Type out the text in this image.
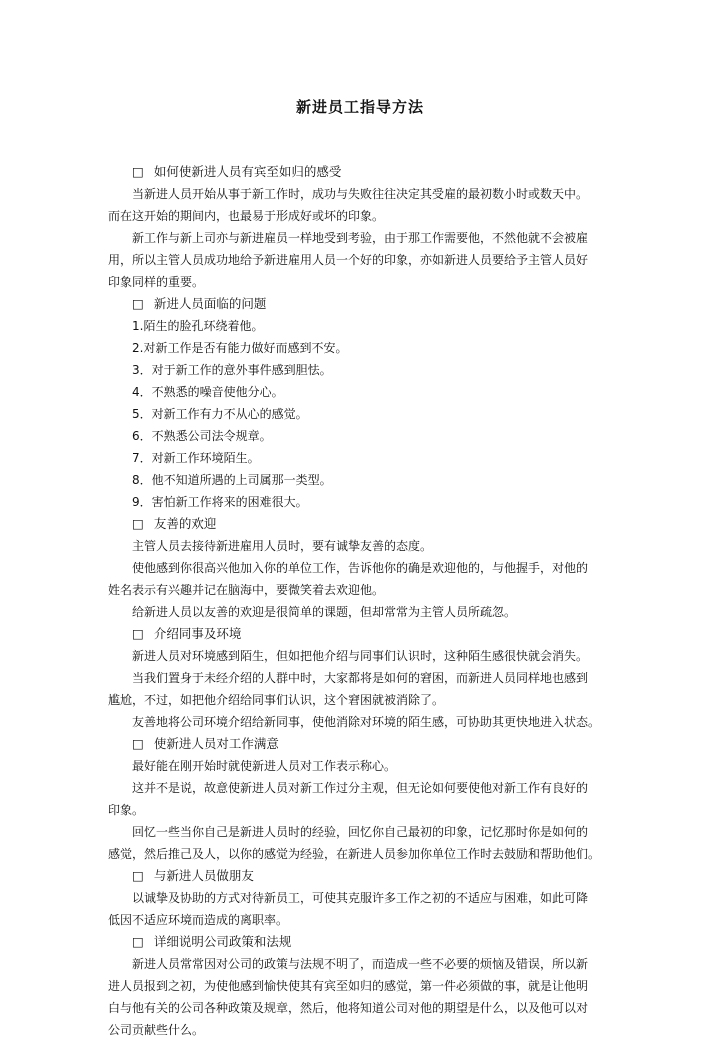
新进员工指导方法
□ 如何使新进人员有宾至如归的感受
当新进人员开始从事于新工作时，成功与失败往往决定其受雇的最初数小时或数天中。
而在这开始的期间内，也最易于形成好或坏的印象。
新工作与新上司亦与新进雇员一样地受到考验，由于那工作需要他，不然他就不会被雇
用，所以主管人员成功地给予新进雇用人员一个好的印象，亦如新进人员要给予主管人员好
印象同样的重要。
□ 新进人员面临的问题
1.陌生的脸孔环绕着他。
2.对新工作是否有能力做好而感到不安。
3．对于新工作的意外事件感到胆怯。
4．不熟悉的噪音使他分心。
5．对新工作有力不从心的感觉。
6．不熟悉公司法令规章。
7．对新工作环境陌生。
8．他不知道所遇的上司属那一类型。
9．害怕新工作将来的困难很大。
□ 友善的欢迎
主管人员去接待新进雇用人员时，要有诚挚友善的态度。
使他感到你很高兴他加入你的单位工作，告诉他你的确是欢迎他的，与他握手，对他的
姓名表示有兴趣并记在脑海中，要微笑着去欢迎他。
给新进人员以友善的欢迎是很简单的课题，但却常常为主管人员所疏忽。
□ 介绍同事及环境
新进人员对环境感到陌生，但如把他介绍与同事们认识时，这种陌生感很快就会消失。
当我们置身于未经介绍的人群中时，大家都将是如何的窘困，而新进人员同样地也感到
尴尬，不过，如把他介绍给同事们认识，这个窘困就被消除了。
友善地将公司环境介绍给新同事，使他消除对环境的陌生感，可协助其更快地进入状态。
□ 使新进人员对工作满意
最好能在刚开始时就使新进人员对工作表示称心。
这并不是说，故意使新进人员对新工作过分主观，但无论如何要使他对新工作有良好的
印象。
回忆一些当你自己是新进人员时的经验，回忆你自己最初的印象，记忆那时你是如何的
感觉，然后推己及人，以你的感觉为经验，在新进人员参加你单位工作时去鼓励和帮助他们。
□ 与新进人员做朋友
以诚挚及协助的方式对待新员工，可使其克服许多工作之初的不适应与困难，如此可降
低因不适应环境而造成的离职率。
□ 详细说明公司政策和法规
新进人员常常因对公司的政策与法规不明了，而造成一些不必要的烦恼及错误，所以新
进人员报到之初，为使他感到愉快使其有宾至如归的感觉，第一件必须做的事，就是让他明
白与他有关的公司各种政策及规章，然后，他将知道公司对他的期望是什么，以及他可以对
公司贡献些什么。
